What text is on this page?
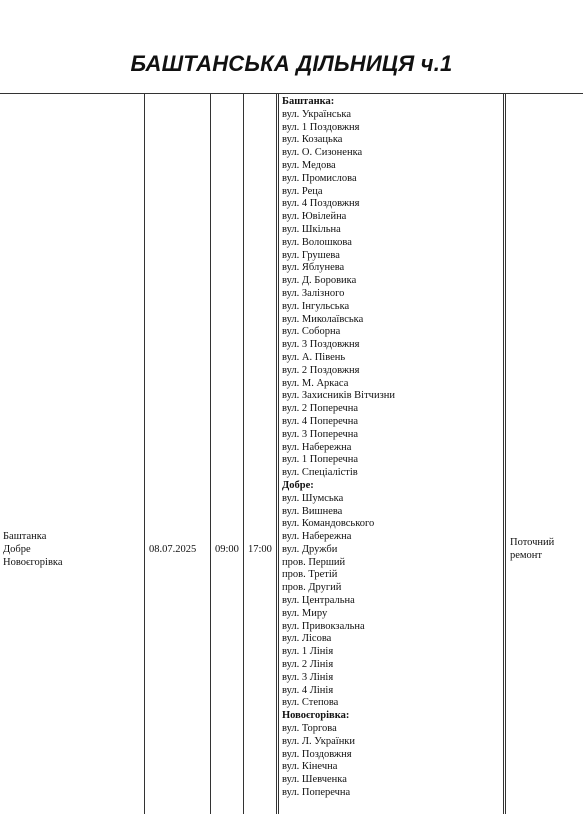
БАШТАНСЬКА ДІЛЬНИЦЯ ч.1
Баштанка
Добре
Новоєгорівка
08.07.2025	09:00 17:00
Баштанка:
вул. Українська
вул. 1 Поздовжня
вул. Козацька
вул. О. Сизоненка
вул. Медова
вул. Промислова
вул. Реца
вул. 4 Поздовжня
вул. Ювілейна
вул. Шкільна
вул. Волошкова
вул. Грушева
вул. Яблунева
вул. Д. Боровика
вул. Залізного
вул. Інгульська
вул. Миколаївська
вул. Соборна
вул. 3 Поздовжня
вул. А. Півень
вул. 2 Поздовжня
вул. М. Аркаса
вул. Захисників Вітчизни
вул. 2 Поперечна
вул. 4 Поперечна
вул. 3 Поперечна
вул. Набережна
вул. 1 Поперечна
вул. Спеціалістів
Добре:
вул. Шумська
вул. Вишнева
вул. Командовського
вул. Набережна
вул. Дружби
пров. Перший
пров. Третій
пров. Другий
вул. Центральна
вул. Миру
вул. Привокзальна
вул. Лісова
вул. 1 Лінія
вул. 2 Лінія
вул. 3 Лінія
вул. 4 Лінія
вул. Степова
Новоєгорівка:
вул. Торгова
вул. Л. Українки
вул. Поздовжня
вул. Кінечна
вул. Шевченка
вул. Поперечна
Поточний
ремонт
